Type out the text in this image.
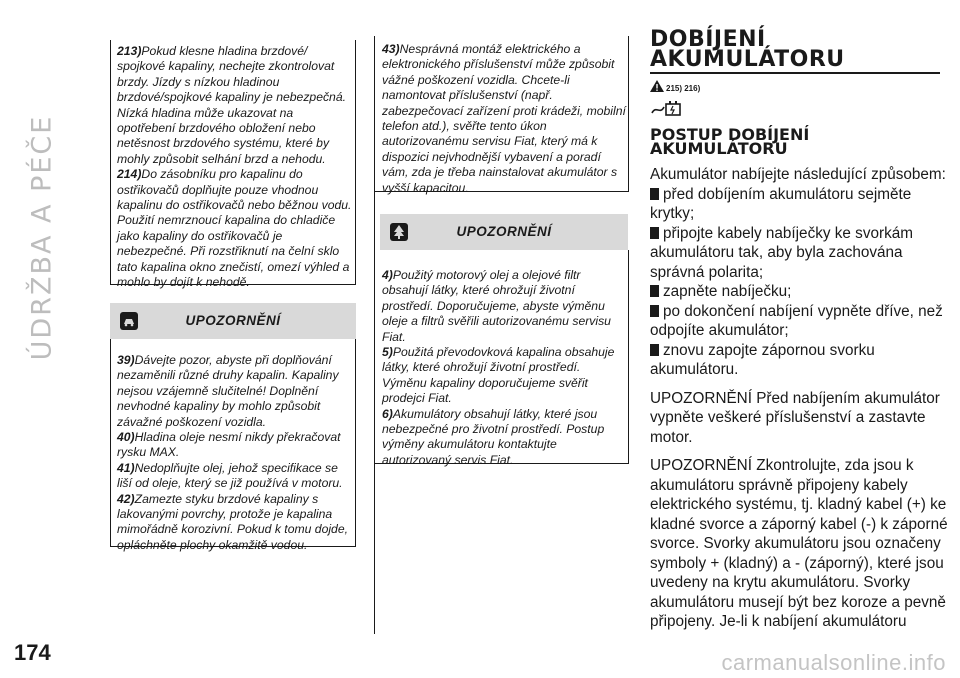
ÚDRŽBA A PÉČE
174	carmanualsonline.info

213)Pokud klesne hladina brzdové/ spojkové kapaliny, nechejte zkontrolovat brzdy. Jízdy s nízkou hladinou brzdové/spojkové kapaliny je nebezpečná. Nízká hladina může ukazovat na opotřebení brzdového obložení nebo netěsnost brzdového systému, které by mohly způsobit selhání brzd a nehodu.

214)Do zásobníku pro kapalinu do ostřikovačů doplňujte pouze vhodnou kapalinu do ostřikovačů nebo běžnou vodu. Použití nemrznoucí kapalina do chladiče jako kapaliny do ostřikovačů je nebezpečné. Při rozstřiknutí na čelní sklo tato kapalina okno znečistí, omezí výhled a mohlo by dojít k nehodě.

UPOZORNĚNÍ

39)Dávejte pozor, abyste při doplňování nezaměnili různé druhy kapalin. Kapaliny nejsou vzájemně slučitelné! Doplnění nevhodné kapaliny by mohlo způsobit závažné poškození vozidla.

40)Hladina oleje nesmí nikdy překračovat rysku MAX.

41)Nedoplňujte olej, jehož specifikace se liší od oleje, který se již používá v motoru.

42)Zamezte styku brzdové kapaliny s lakovanými povrchy, protože je kapalina mimořádně korozivní. Pokud k tomu dojde, opláchněte plochy okamžitě vodou.

43)Nesprávná montáž elektrického a elektronického příslušenství může způsobit vážné poškození vozidla. Chcete-li namontovat příslušenství (např. zabezpečovací zařízení proti krádeži, mobilní telefon atd.), svěřte tento úkon autorizovanému servisu Fiat, který má k dispozici nejvhodnější vybavení a poradí vám, zda je třeba nainstalovat akumulátor s vyšší kapacitou.

UPOZORNĚNÍ

4)Použitý motorový olej a olejové filtr obsahují látky, které ohrožují životní prostředí. Doporučujeme, abyste výměnu oleje a filtrů svěřili autorizovanému servisu Fiat.

5)Použitá převodovková kapalina obsahuje látky, které ohrožují životní prostředí. Výměnu kapaliny doporučujeme svěřit prodejci Fiat.

6)Akumulátory obsahují látky, které jsou nebezpečné pro životní prostředí. Postup výměny akumulátoru kontaktujte autorizovaný servis Fiat.

DOBÍJENÍ
AKUMULÁTORU
215) 216)
POSTUP DOBÍJENÍ
AKUMULÁTORU

Akumulátor nabíjejte následující způsobem:

před dobíjením akumulátoru sejměte krytky;

připojte kabely nabíječky ke svorkám akumulátoru tak, aby byla zachována správná polarita;

zapněte nabíječku;

po dokončení nabíjení vypněte dříve, než odpojíte akumulátor;

znovu zapojte zápornou svorku akumulátoru.

UPOZORNĚNÍ Před nabíjením akumulátor vypněte veškeré příslušenství a zastavte motor.

UPOZORNĚNÍ Zkontrolujte, zda jsou k akumulátoru správně připojeny kabely elektrického systému, tj. kladný kabel (+) ke kladné svorce a záporný kabel (-) k záporné svorce. Svorky akumulátoru jsou označeny symboly + (kladný) a - (záporný), které jsou uvedeny na krytu akumulátoru. Svorky akumulátoru musejí být bez koroze a pevně připojeny. Je-li k nabíjení akumulátoru
